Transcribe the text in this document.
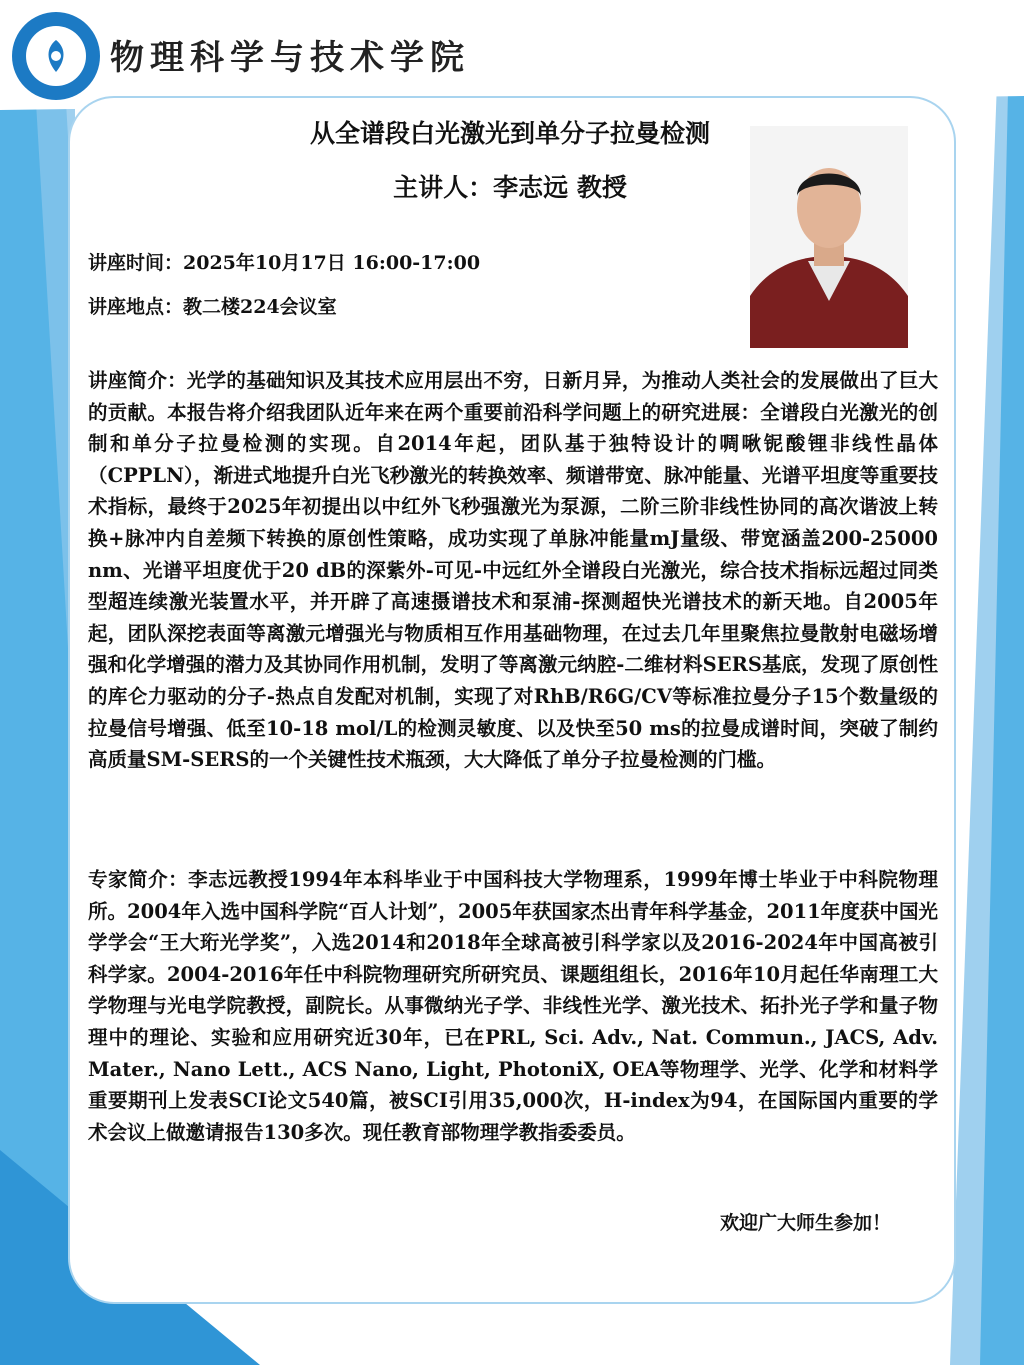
物理科学与技术学院
从全谱段白光激光到单分子拉曼检测
主讲人：李志远 教授
讲座时间：2025年10月17日 16:00-17:00
讲座地点：教二楼224会议室
讲座简介：光学的基础知识及其技术应用层出不穷，日新月异，为推动人类社会的发展做出了巨大的贡献。本报告将介绍我团队近年来在两个重要前沿科学问题上的研究进展：全谱段白光激光的创制和单分子拉曼检测的实现。自2014年起，团队基于独特设计的啁啾铌酸锂非线性晶体（CPPLN），渐进式地提升白光飞秒激光的转换效率、频谱带宽、脉冲能量、光谱平坦度等重要技术指标，最终于2025年初提出以中红外飞秒强激光为泵源，二阶三阶非线性协同的高次谐波上转换+脉冲内自差频下转换的原创性策略，成功实现了单脉冲能量mJ量级、带宽涵盖200-25000 nm、光谱平坦度优于20 dB的深紫外-可见-中远红外全谱段白光激光，综合技术指标远超过同类型超连续激光装置水平，并开辟了高速摄谱技术和泵浦-探测超快光谱技术的新天地。自2005年起，团队深挖表面等离激元增强光与物质相互作用基础物理，在过去几年里聚焦拉曼散射电磁场增强和化学增强的潜力及其协同作用机制，发明了等离激元纳腔-二维材料SERS基底，发现了原创性的库仑力驱动的分子-热点自发配对机制，实现了对RhB/R6G/CV等标准拉曼分子15个数量级的拉曼信号增强、低至10-18 mol/L的检测灵敏度、以及快至50 ms的拉曼成谱时间，突破了制约高质量SM-SERS的一个关键性技术瓶颈，大大降低了单分子拉曼检测的门槛。
专家简介：李志远教授1994年本科毕业于中国科技大学物理系，1999年博士毕业于中科院物理所。2004年入选中国科学院“百人计划”，2005年获国家杰出青年科学基金，2011年度获中国光学学会“王大珩光学奖”，入选2014和2018年全球高被引科学家以及2016-2024年中国高被引科学家。2004-2016年任中科院物理研究所研究员、课题组组长，2016年10月起任华南理工大学物理与光电学院教授，副院长。从事微纳光子学、非线性光学、激光技术、拓扑光子学和量子物理中的理论、实验和应用研究近30年，已在PRL, Sci. Adv., Nat. Commun., JACS, Adv. Mater., Nano Lett., ACS Nano, Light, PhotoniX, OEA等物理学、光学、化学和材料学重要期刊上发表SCI论文540篇，被SCI引用35,000次，H-index为94，在国际国内重要的学术会议上做邀请报告130多次。现任教育部物理学教指委委员。
欢迎广大师生参加！
